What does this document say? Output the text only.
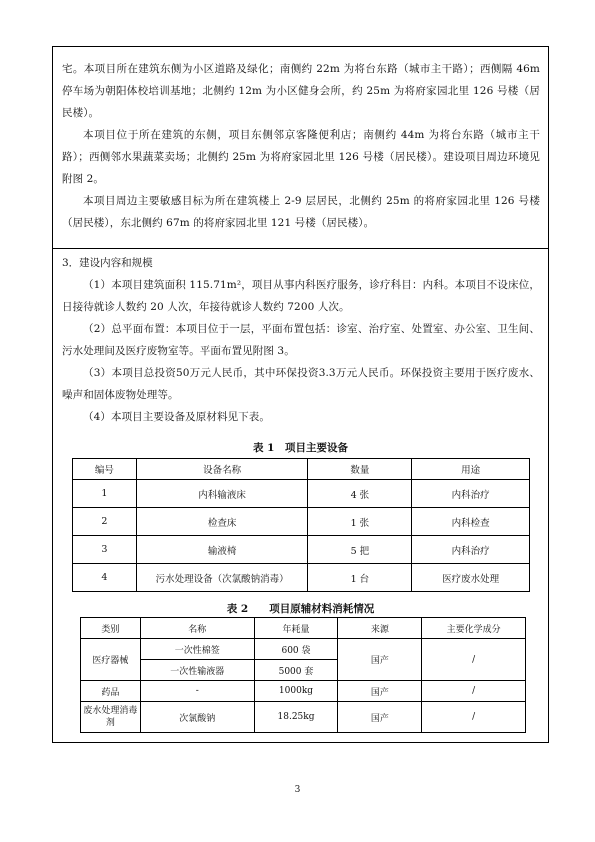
宅。本项目所在建筑东侧为小区道路及绿化；南侧约 22m 为将台东路（城市主干路）；西侧隔 46m 停车场为朝阳体校培训基地；北侧约 12m 为小区健身会所，约 25m 为将府家园北里 126 号楼（居民楼）。

本项目位于所在建筑的东侧，项目东侧邻京客隆便利店；南侧约 44m 为将台东路（城市主干路）；西侧邻水果蔬菜卖场；北侧约 25m 为将府家园北里 126 号楼（居民楼）。建设项目周边环境见附图 2。

本项目周边主要敏感目标为所在建筑楼上 2-9 层居民，北侧约 25m 的将府家园北里 126 号楼（居民楼），东北侧约 67m 的将府家园北里 121 号楼（居民楼）。

3．建设内容和规模

（1）本项目建筑面积 115.71m²，项目从事内科医疗服务，诊疗科目：内科。本项目不设床位，日接待就诊人数约 20 人次，年接待就诊人数约 7200 人次。

（2）总平面布置：本项目位于一层，平面布置包括：诊室、治疗室、处置室、办公室、卫生间、污水处理间及医疗废物室等。平面布置见附图 3。

（3）本项目总投资50万元人民币，其中环保投资3.3万元人民币。环保投资主要用于医疗废水、噪声和固体废物处理等。

（4）本项目主要设备及原材料见下表。

表 1　项目主要设备
编号	设备名称	数量	用途
1	内科输液床	4 张	内科治疗
2	检查床	1 张	内科检查
3	输液椅	5 把	内科治疗
4	污水处理设备（次氯酸钠消毒）	1 台	医疗废水处理
表 2　　项目原辅材料消耗情况
类别	名称	年耗量	来源	主要化学成分
医疗器械	一次性棉签	600 袋	国产	/
	一次性输液器	5000 套		
药品	-	1000kg	国产	/
废水处理消毒剂	次氯酸钠	18.25kg	国产	/
3
